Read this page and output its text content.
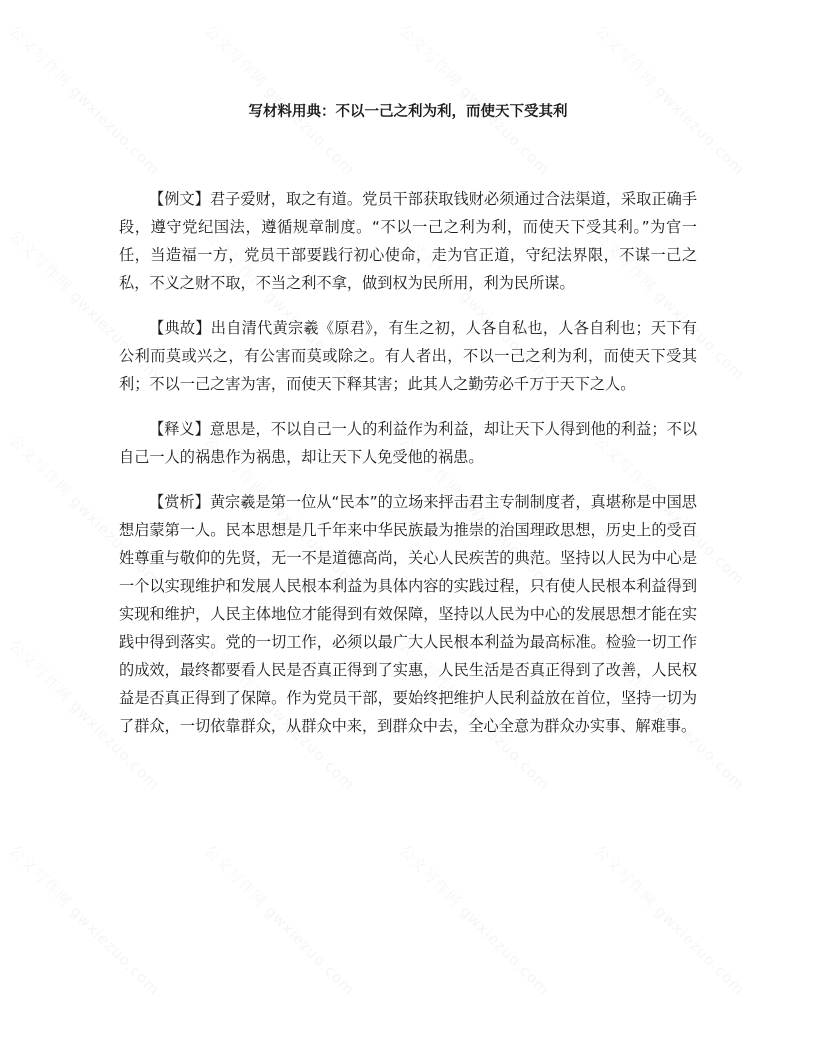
写材料用典：不以一己之利为利，而使天下受其利

【例文】君子爱财，取之有道。党员干部获取钱财必须通过合法渠道，采取正确手段，遵守党纪国法，遵循规章制度。“不以一己之利为利，而使天下受其利。”为官一任，当造福一方，党员干部要践行初心使命，走为官正道，守纪法界限，不谋一己之私，不义之财不取，不当之利不拿，做到权为民所用，利为民所谋。

【典故】出自清代黄宗羲《原君》，有生之初，人各自私也，人各自利也；天下有公利而莫或兴之，有公害而莫或除之。有人者出，不以一己之利为利，而使天下受其利；不以一己之害为害，而使天下释其害；此其人之勤劳必千万于天下之人。

【释义】意思是，不以自己一人的利益作为利益，却让天下人得到他的利益；不以自己一人的祸患作为祸患，却让天下人免受他的祸患。

【赏析】黄宗羲是第一位从“民本”的立场来抨击君主专制制度者，真堪称是中国思想启蒙第一人。民本思想是几千年来中华民族最为推崇的治国理政思想，历史上的受百姓尊重与敬仰的先贤，无一不是道德高尚，关心人民疾苦的典范。坚持以人民为中心是一个以实现维护和发展人民根本利益为具体内容的实践过程，只有使人民根本利益得到实现和维护，人民主体地位才能得到有效保障，坚持以人民为中心的发展思想才能在实践中得到落实。党的一切工作，必须以最广大人民根本利益为最高标准。检验一切工作的成效，最终都要看人民是否真正得到了实惠，人民生活是否真正得到了改善，人民权益是否真正得到了保障。作为党员干部，要始终把维护人民利益放在首位，坚持一切为了群众，一切依靠群众，从群众中来，到群众中去，全心全意为群众办实事、解难事。
